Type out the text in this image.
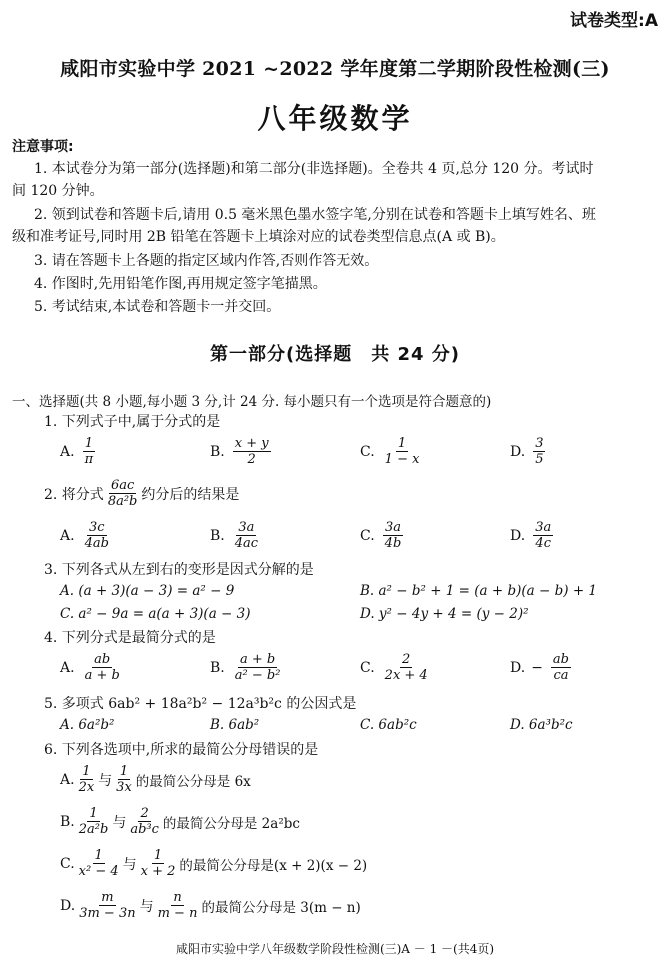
试卷类型:A
咸阳市实验中学 2021 ~2022 学年度第二学期阶段性检测(三)
八年级数学
注意事项:
1. 本试卷分为第一部分(选择题)和第二部分(非选择题)。全卷共 4 页,总分 120 分。考试时
间 120 分钟。
2. 领到试卷和答题卡后,请用 0.5 毫米黑色墨水签字笔,分别在试卷和答题卡上填写姓名、班
级和准考证号,同时用 2B 铅笔在答题卡上填涂对应的试卷类型信息点(A 或 B)。
3. 请在答题卡上各题的指定区域内作答,否则作答无效。
4. 作图时,先用铅笔作图,再用规定签字笔描黑。
5. 考试结束,本试卷和答题卡一并交回。
第一部分(选择题　共 24 分)
一、选择题(共 8 小题,每小题 3 分,计 24 分. 每小题只有一个选项是符合题意的)
1. 下列式子中,属于分式的是
A. $\frac{1}{\pi}$	B. $\frac{x + y}{2}$	C. $\frac{1}{1 - x}$	D. $\frac{3}{5}$
2. 将分式 $\frac{6ac}{\text{8a²b}}$ 约分后的结果是
A. $\frac{3c}{4ab}$	B. $\frac{3a}{4ac}$	C. $\frac{3a}{4b}$	D. $\frac{3a}{4c}$
3. 下列各式从左到右的变形是因式分解的是
A. (a + 3)(a − 3) = a² − 9	B. a² − b² + 1 = (a + b)(a − b) + 1
C. a² − 9a = a(a + 3)(a − 3)	D. y² − 4y + 4 = (y − 2)²
4. 下列分式是最简分式的是
A. $\frac{ab}{a + b}$	B. $\frac{a + b}{\text{a² − b²}}$	C. $\frac{2}{2x + 4}$	D. − $\frac{ab}{ca}$
5. 多项式 6ab² + 18a²b² − 12a³b²c 的公因式是
A. 6a²b²	B. 6ab²	C. 6ab²c	D. 6a³b²c
6. 下列各选项中,所求的最简公分母错误的是
A. $\frac{1}{2x}$ 与 $\frac{1}{3x}$ 的最简公分母是 6x
B. $\frac{1}{\text{2a²b}}$ 与 $\frac{2}{\text{ab³c}}$ 的最简公分母是 2a²bc
C. $\frac{1}{\text{x² − 4}}$ 与 $\frac{1}{x + 2}$ 的最简公分母是(x + 2)(x − 2)
D. $\frac{m}{3m - 3n}$ 与 $\frac{n}{m - n}$ 的最简公分母是 3(m − n)
咸阳市实验中学八年级数学阶段性检测(三)A － 1 －(共4页)
